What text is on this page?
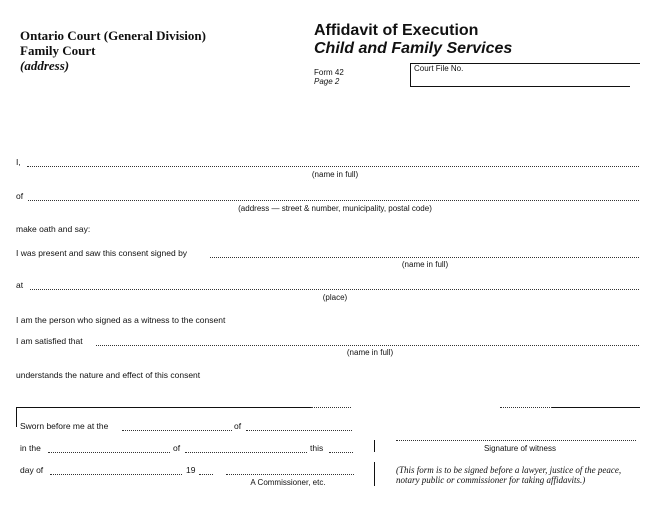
Ontario Court (General Division)
Family Court
(address)
Affidavit of Execution
Child and Family Services
Form 42
Page 2
Court File No.
I,
(name in full)
of
(address — street & number, municipality, postal code)
make oath and say:
I was present and saw this consent signed by
(name in full)
at
(place)
I am the person who signed as a witness to the consent
I am satisfied that
(name in full)
understands the nature and effect of this consent
Sworn before me at the	of
in the	of	this
day of	19
A Commissioner, etc.
Signature of witness
(This form is to be signed before a lawyer, justice of the peace, notary public or commissioner for taking affidavits.)
